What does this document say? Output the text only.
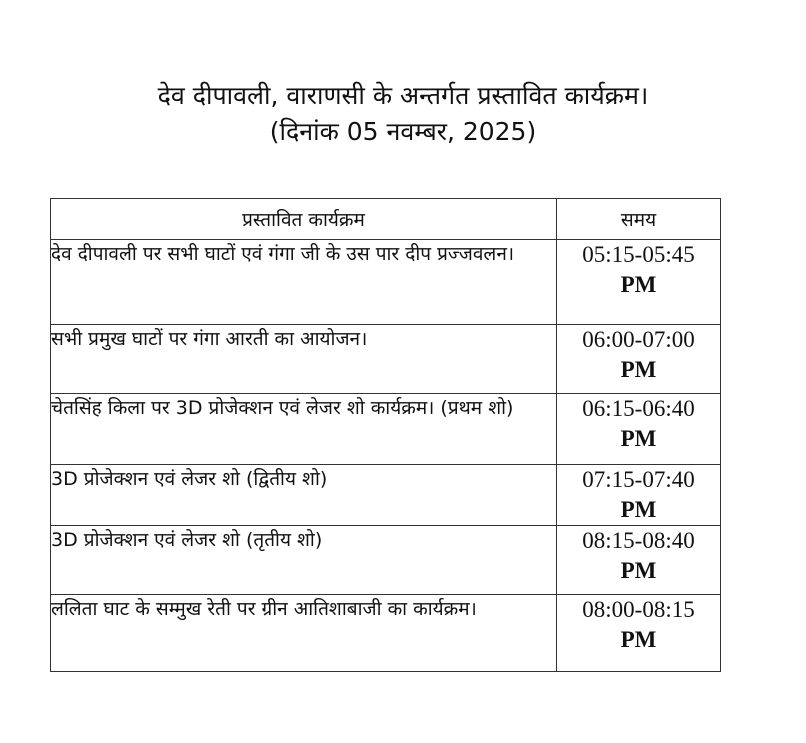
देव दीपावली, वाराणसी के अन्तर्गत प्रस्तावित कार्यक्रम।
(दिनांक 05 नवम्बर, 2025)
प्रस्तावित कार्यक्रम	समय
देव दीपावली पर सभी घाटों एवं गंगा जी के उस पार दीप प्रज्जवलन।	05:15-05:45
PM

सभी प्रमुख घाटों पर गंगा आरती का आयोजन।	06:00-07:00
PM

चेतसिंह किला पर 3D प्रोजेक्शन एवं लेजर शो कार्यक्रम। (प्रथम शो)	06:15-06:40
PM

3D प्रोजेक्शन एवं लेजर शो (द्वितीय शो)	07:15-07:40
PM

3D प्रोजेक्शन एवं लेजर शो (तृतीय शो)	08:15-08:40
PM

ललिता घाट के सम्मुख रेती पर ग्रीन आतिशाबाजी का कार्यक्रम।	08:00-08:15
PM
